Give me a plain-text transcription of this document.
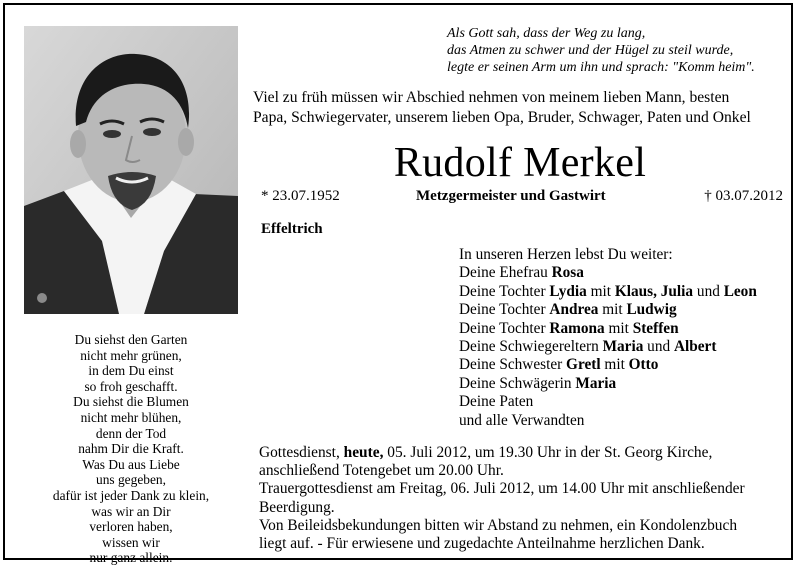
Du siehst den Garten
nicht mehr grünen,
in dem Du einst
so froh geschafft.
Du siehst die Blumen
nicht mehr blühen,
denn der Tod
nahm Dir die Kraft.
Was Du aus Liebe
uns gegeben,
dafür ist jeder Dank zu klein,
was wir an Dir
verloren haben,
wissen wir
nur ganz allein.
Als Gott sah, dass der Weg zu lang,
das Atmen zu schwer und der Hügel zu steil wurde,
legte er seinen Arm um ihn und sprach: "Komm heim".
Viel zu früh müssen wir Abschied nehmen von meinem lieben Mann, besten
Papa, Schwiegervater, unserem lieben Opa, Bruder, Schwager, Paten und Onkel
Rudolf Merkel
* 23.07.1952	Metzgermeister und Gastwirt	† 03.07.2012
Effeltrich
In unseren Herzen lebst Du weiter:
Deine Ehefrau Rosa
Deine Tochter Lydia mit Klaus, Julia und Leon
Deine Tochter Andrea mit Ludwig
Deine Tochter Ramona mit Steffen
Deine Schwiegereltern Maria und Albert
Deine Schwester Gretl mit Otto
Deine Schwägerin Maria
Deine Paten
und alle Verwandten
Gottesdienst, heute, 05. Juli 2012, um 19.30 Uhr in der St. Georg Kirche,
anschließend Totengebet um 20.00 Uhr.
Trauergottesdienst am Freitag, 06. Juli 2012, um 14.00 Uhr mit anschließender
Beerdigung.
Von Beileidsbekundungen bitten wir Abstand zu nehmen, ein Kondolenzbuch
liegt auf. - Für erwiesene und zugedachte Anteilnahme herzlichen Dank.
